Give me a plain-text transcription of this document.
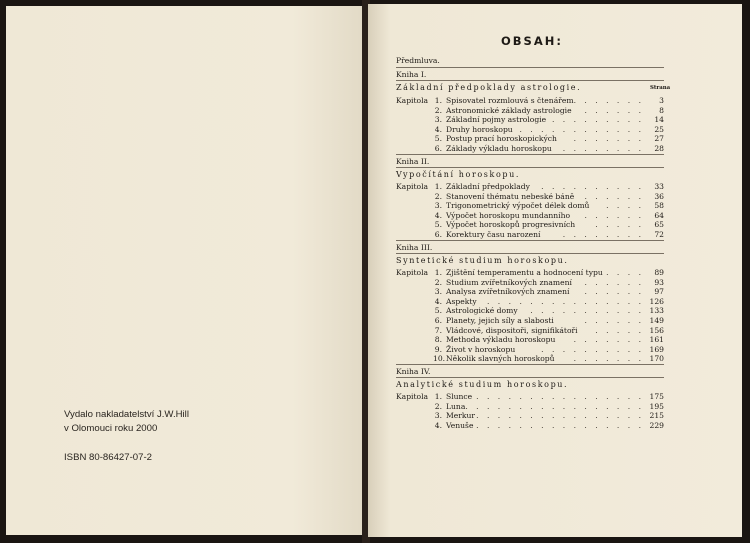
Vydalo nakladatelství J.W.Hill
v Olomouci roku 2000
ISBN 80-86427-07-2
OBSAH:
Předmluva.
Kniha I.
Základní předpoklady astrologie.	Strana
Kapitola 1. Spisovatel rozmlouvá s čtenářem . . . . . . .	3
2. Astronomické základy astrologie . . . . . .	8
3. Základní pojmy astrologie . . . . . . . . .	14
4. Druhy horoskopu . . . . . . . . . . . .	25
5. Postup prací horoskopických . . . . . . .	27
6. Základy výkladu horoskopu . . . . . . . .	28
Kniha II.
Vypočítání horoskopu.
Kapitola 1. Základní předpoklady . . . . . . . . . .	33
2. Stanovení thématu nebeské báně . . . . . .	36
3. Trigonometrický výpočet délek domů . . . .	58
4. Výpočet horoskopu mundanního . . . . . .	64
5. Výpočet horoskopů progresivních	. . . . .	65
6. Korektury času narození	. . . . . . . .	72
Kniha III.
Syntetické studium horoskopu.
Kapitola 1. Zjištění temperamentu a hodnocení typu . . . .	89
2. Studium zvířetníkových znamení . . . . . .	93
3. Analysa zvířetníkových znamení . . . . . .	97
4. Aspekty . . . . . . . . . . . . . . . 126
5. Astrologické domy . . . . . . . . . . . 133
6. Planety, jejich síly a slabosti	. . . . . . 149
7. Vládcové, dispositoři, signifikátoři . . . . . 156
8. Methoda výkladu horoskopu . . . . . . . 161
9. Život v horoskopu	. . . . . . . . . . 169
10. Několik slavných horoskopů	. . . . . . . 170
Kniha IV.
Analytické studium horoskopu.
Kapitola 1. Slunce . . . . . . . . . . . . . . . . 175
2. Luna . . . . . . . . . . . . . . . . . 195
3. Merkur . . . . . . . . . . . . . . . . 215
4. Venuše . . . . . . . . . . . . . . . . 229
